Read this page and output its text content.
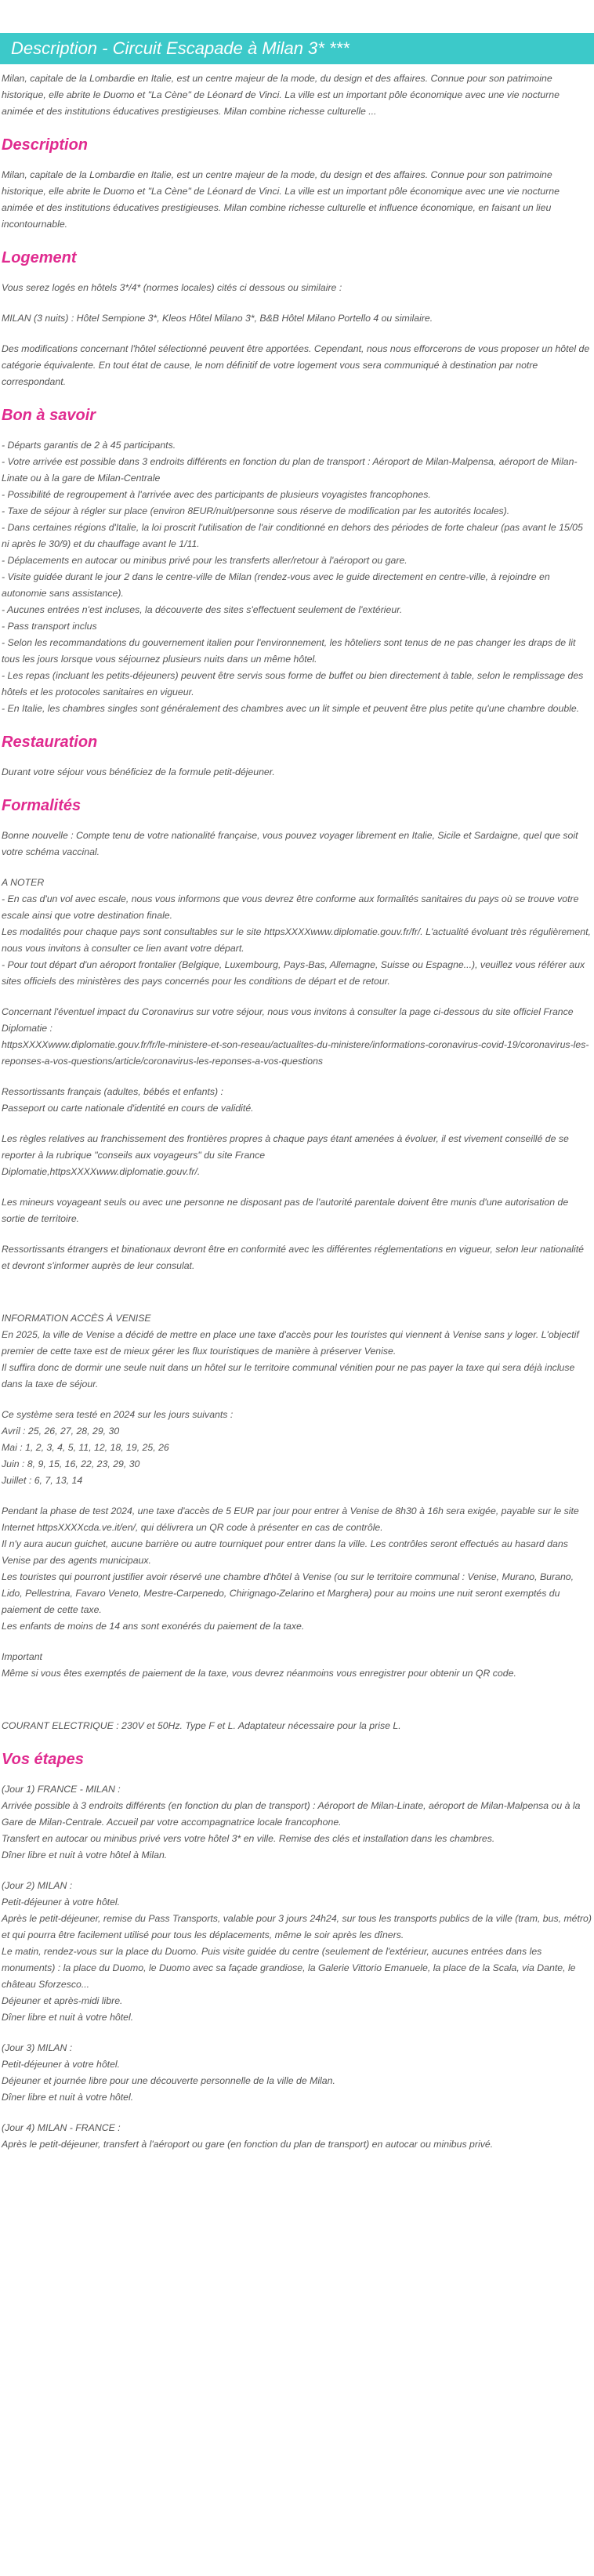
Description - Circuit Escapade à Milan 3* ***

Milan, capitale de la Lombardie en Italie, est un centre majeur de la mode, du design et des affaires. Connue pour son patrimoine historique, elle abrite le Duomo et "La Cène" de Léonard de Vinci. La ville est un important pôle économique avec une vie nocturne animée et des institutions éducatives prestigieuses. Milan combine richesse culturelle ...

Description

Milan, capitale de la Lombardie en Italie, est un centre majeur de la mode, du design et des affaires. Connue pour son patrimoine historique, elle abrite le Duomo et "La Cène" de Léonard de Vinci. La ville est un important pôle économique avec une vie nocturne animée et des institutions éducatives prestigieuses. Milan combine richesse culturelle et influence économique, en faisant un lieu incontournable.

Logement

Vous serez logés en hôtels 3*/4* (normes locales) cités ci dessous ou similaire :

MILAN (3 nuits) : Hôtel Sempione 3*, Kleos Hôtel Milano 3*, B&B Hôtel Milano Portello 4 ou similaire.

Des modifications concernant l'hôtel sélectionné peuvent être apportées. Cependant, nous nous efforcerons de vous proposer un hôtel de catégorie équivalente. En tout état de cause, le nom définitif de votre logement vous sera communiqué à destination par notre correspondant.

Bon à savoir

- Départs garantis de 2 à 45 participants.
- Votre arrivée est possible dans 3 endroits différents en fonction du plan de transport : Aéroport de Milan-Malpensa, aéroport de Milan-Linate ou à la gare de Milan-Centrale
- Possibilité de regroupement à l'arrivée avec des participants de plusieurs voyagistes francophones.
- Taxe de séjour à régler sur place (environ 8EUR/nuit/personne sous réserve de modification par les autorités locales).
- Dans certaines régions d'Italie, la loi proscrit l'utilisation de l'air conditionné en dehors des périodes de forte chaleur (pas avant le 15/05 ni après le 30/9) et du chauffage avant le 1/11.
- Déplacements en autocar ou minibus privé pour les transferts aller/retour à l'aéroport ou gare.
- Visite guidée durant le jour 2 dans le centre-ville de Milan (rendez-vous avec le guide directement en centre-ville, à rejoindre en autonomie sans assistance).
- Aucunes entrées n'est incluses, la découverte des sites s'effectuent seulement de l'extérieur.
- Pass transport inclus
- Selon les recommandations du gouvernement italien pour l'environnement, les hôteliers sont tenus de ne pas changer les draps de lit tous les jours lorsque vous séjournez plusieurs nuits dans un même hôtel.
- Les repas (incluant les petits-déjeuners) peuvent être servis sous forme de buffet ou bien directement à table, selon le remplissage des hôtels et les protocoles sanitaires en vigueur.
- En Italie, les chambres singles sont généralement des chambres avec un lit simple et peuvent être plus petite qu'une chambre double.

Restauration

Durant votre séjour vous bénéficiez de la formule petit-déjeuner.

Formalités

Bonne nouvelle : Compte tenu de votre nationalité française, vous pouvez voyager librement en Italie, Sicile et Sardaigne, quel que soit votre schéma vaccinal.

A NOTER
- En cas d'un vol avec escale, nous vous informons que vous devrez être conforme aux formalités sanitaires du pays où se trouve votre escale ainsi que votre destination finale.
Les modalités pour chaque pays sont consultables sur le site httpsXXXXwww.diplomatie.gouv.fr/fr/. L'actualité évoluant très régulièrement, nous vous invitons à consulter ce lien avant votre départ.
- Pour tout départ d'un aéroport frontalier (Belgique, Luxembourg, Pays-Bas, Allemagne, Suisse ou Espagne...), veuillez vous référer aux sites officiels des ministères des pays concernés pour les conditions de départ et de retour.

Concernant l'éventuel impact du Coronavirus sur votre séjour, nous vous invitons à consulter la page ci-dessous du site officiel France Diplomatie :
httpsXXXXwww.diplomatie.gouv.fr/fr/le-ministere-et-son-reseau/actualites-du-ministere/informations-coronavirus-covid-19/coronavirus-les-reponses-a-vos-questions/article/coronavirus-les-reponses-a-vos-questions

Ressortissants français (adultes, bébés et enfants) :
Passeport ou carte nationale d'identité en cours de validité.

Les règles relatives au franchissement des frontières propres à chaque pays étant amenées à évoluer, il est vivement conseillé de se reporter à la rubrique "conseils aux voyageurs" du site France
Diplomatie,httpsXXXXwww.diplomatie.gouv.fr/.

Les mineurs voyageant seuls ou avec une personne ne disposant pas de l'autorité parentale doivent être munis d'une autorisation de sortie de territoire.

Ressortissants étrangers et binationaux devront être en conformité avec les différentes réglementations en vigueur, selon leur nationalité et devront s'informer auprès de leur consulat.

INFORMATION ACCÈS À VENISE
En 2025, la ville de Venise a décidé de mettre en place une taxe d'accès pour les touristes qui viennent à Venise sans y loger. L'objectif premier de cette taxe est de mieux gérer les flux touristiques de manière à préserver Venise.
Il suffira donc de dormir une seule nuit dans un hôtel sur le territoire communal vénitien pour ne pas payer la taxe qui sera déjà incluse dans la taxe de séjour.

Ce système sera testé en 2024 sur les jours suivants :
Avril : 25, 26, 27, 28, 29, 30
Mai : 1, 2, 3, 4, 5, 11, 12, 18, 19, 25, 26
Juin : 8, 9, 15, 16, 22, 23, 29, 30
Juillet : 6, 7, 13, 14

Pendant la phase de test 2024, une taxe d'accès de 5 EUR par jour pour entrer à Venise de 8h30 à 16h sera exigée, payable sur le site Internet httpsXXXXcda.ve.it/en/, qui délivrera un QR code à présenter en cas de contrôle.
Il n'y aura aucun guichet, aucune barrière ou autre tourniquet pour entrer dans la ville. Les contrôles seront effectués au hasard dans Venise par des agents municipaux.
Les touristes qui pourront justifier avoir réservé une chambre d'hôtel à Venise (ou sur le territoire communal : Venise, Murano, Burano, Lido, Pellestrina, Favaro Veneto, Mestre-Carpenedo, Chirignago-Zelarino et Marghera) pour au moins une nuit seront exemptés du paiement de cette taxe.
Les enfants de moins de 14 ans sont exonérés du paiement de la taxe.

Important
Même si vous êtes exemptés de paiement de la taxe, vous devrez néanmoins vous enregistrer pour obtenir un QR code.

COURANT ELECTRIQUE : 230V et 50Hz. Type F et L. Adaptateur nécessaire pour la prise L.

Vos étapes

(Jour 1) FRANCE - MILAN :
Arrivée possible à 3 endroits différents (en fonction du plan de transport) : Aéroport de Milan-Linate, aéroport de Milan-Malpensa ou à la Gare de Milan-Centrale. Accueil par votre accompagnatrice locale francophone.
Transfert en autocar ou minibus privé vers votre hôtel 3* en ville. Remise des clés et installation dans les chambres.
Dîner libre et nuit à votre hôtel à Milan.

(Jour 2) MILAN :
Petit-déjeuner à votre hôtel.
Après le petit-déjeuner, remise du Pass Transports, valable pour 3 jours 24h24, sur tous les transports publics de la ville (tram, bus, métro) et qui pourra être facilement utilisé pour tous les déplacements, même le soir après les dîners.
Le matin, rendez-vous sur la place du Duomo. Puis visite guidée du centre (seulement de l'extérieur, aucunes entrées dans les monuments) : la place du Duomo, le Duomo avec sa façade grandiose, la Galerie Vittorio Emanuele, la place de la Scala, via Dante, le château Sforzesco...
Déjeuner et après-midi libre.
Dîner libre et nuit à votre hôtel.

(Jour 3) MILAN :
Petit-déjeuner à votre hôtel.
Déjeuner et journée libre pour une découverte personnelle de la ville de Milan.
Dîner libre et nuit à votre hôtel.

(Jour 4) MILAN - FRANCE :
Après le petit-déjeuner, transfert à l'aéroport ou gare (en fonction du plan de transport) en autocar ou minibus privé.
